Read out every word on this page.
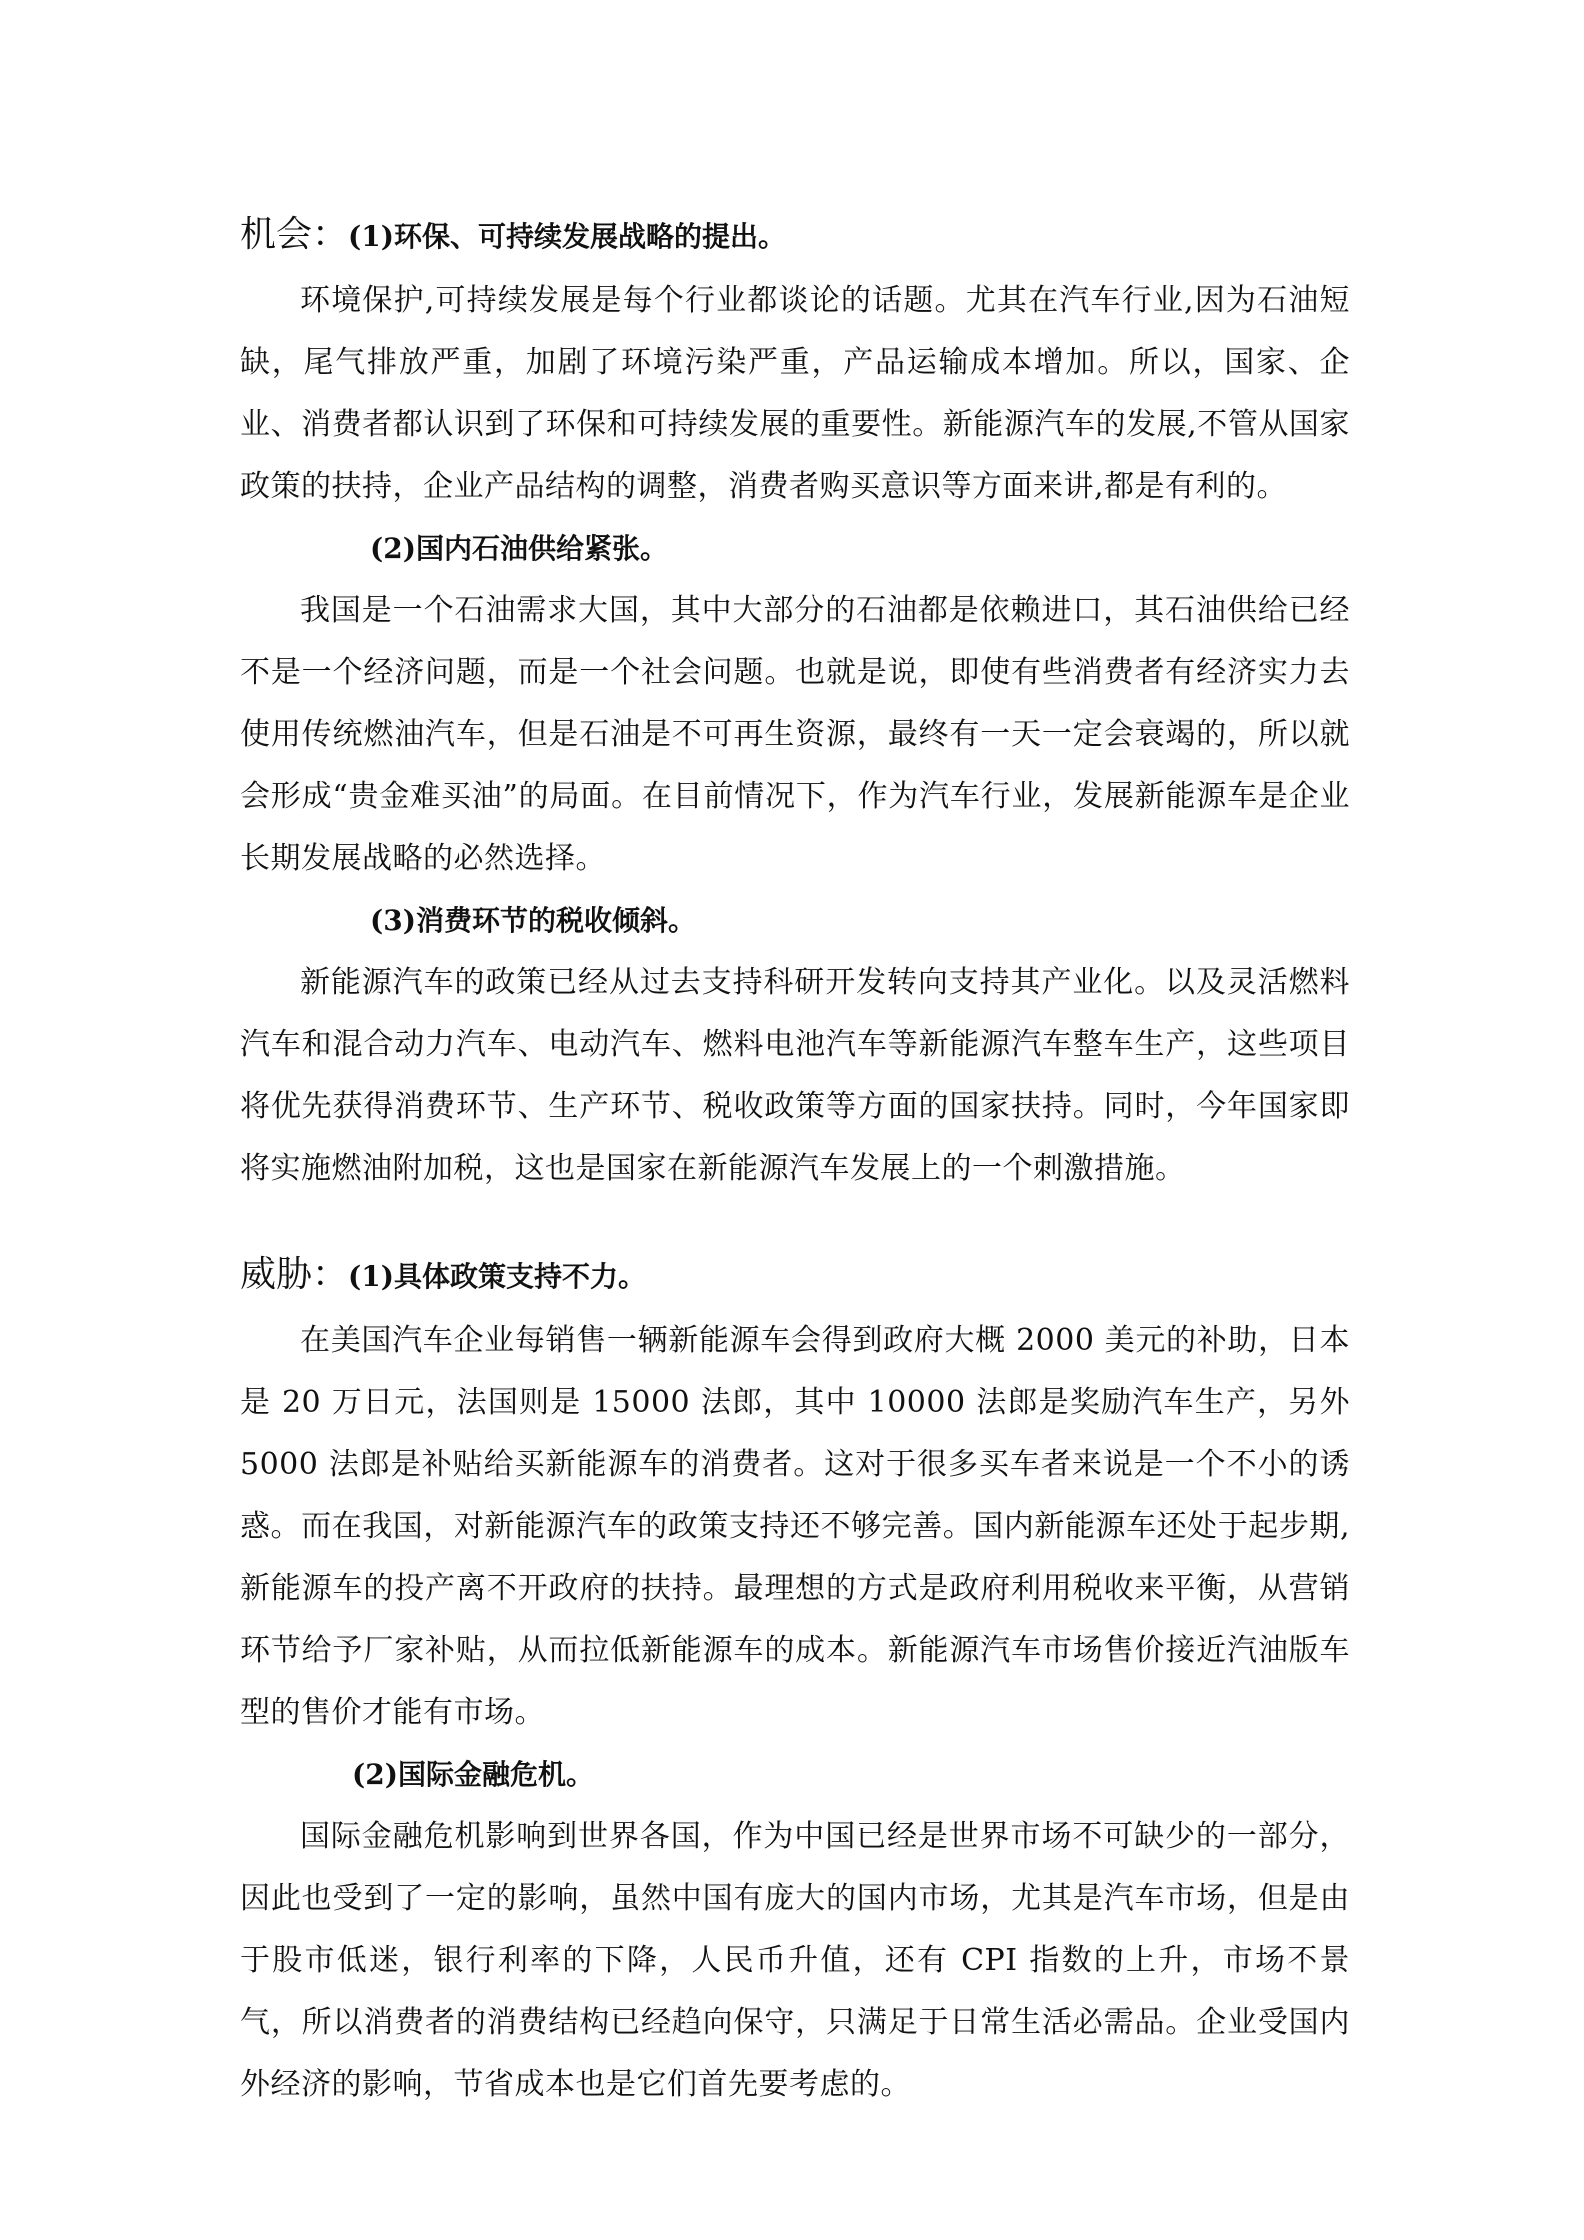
机会： (1)环保、可持续发展战略的提出。

环境保护,可持续发展是每个行业都谈论的话题。尤其在汽车行业,因为石油短缺，尾气排放严重，加剧了环境污染严重，产品运输成本增加。所以，国家、企业、消费者都认识到了环保和可持续发展的重要性。新能源汽车的发展,不管从国家政策的扶持，企业产品结构的调整，消费者购买意识等方面来讲,都是有利的。

(2)国内石油供给紧张。

我国是一个石油需求大国，其中大部分的石油都是依赖进口，其石油供给已经不是一个经济问题，而是一个社会问题。也就是说，即使有些消费者有经济实力去使用传统燃油汽车，但是石油是不可再生资源，最终有一天一定会衰竭的，所以就会形成“贵金难买油”的局面。在目前情况下，作为汽车行业，发展新能源车是企业长期发展战略的必然选择。

(3)消费环节的税收倾斜。

新能源汽车的政策已经从过去支持科研开发转向支持其产业化。以及灵活燃料汽车和混合动力汽车、电动汽车、燃料电池汽车等新能源汽车整车生产，这些项目将优先获得消费环节、生产环节、税收政策等方面的国家扶持。同时，今年国家即将实施燃油附加税，这也是国家在新能源汽车发展上的一个刺激措施。

威胁： (1)具体政策支持不力。

在美国汽车企业每销售一辆新能源车会得到政府大概 2000 美元的补助，日本是 20 万日元，法国则是 15000 法郎，其中 10000 法郎是奖励汽车生产，另外 5000 法郎是补贴给买新能源车的消费者。这对于很多买车者来说是一个不小的诱惑。而在我国，对新能源汽车的政策支持还不够完善。国内新能源车还处于起步期,新能源车的投产离不开政府的扶持。最理想的方式是政府利用税收来平衡，从营销环节给予厂家补贴，从而拉低新能源车的成本。新能源汽车市场售价接近汽油版车型的售价才能有市场。

(2)国际金融危机。

国际金融危机影响到世界各国，作为中国已经是世界市场不可缺少的一部分，因此也受到了一定的影响，虽然中国有庞大的国内市场，尤其是汽车市场，但是由于股市低迷，银行利率的下降，人民币升值，还有 CPI 指数的上升，市场不景气，所以消费者的消费结构已经趋向保守，只满足于日常生活必需品。企业受国内外经济的影响，节省成本也是它们首先要考虑的。
